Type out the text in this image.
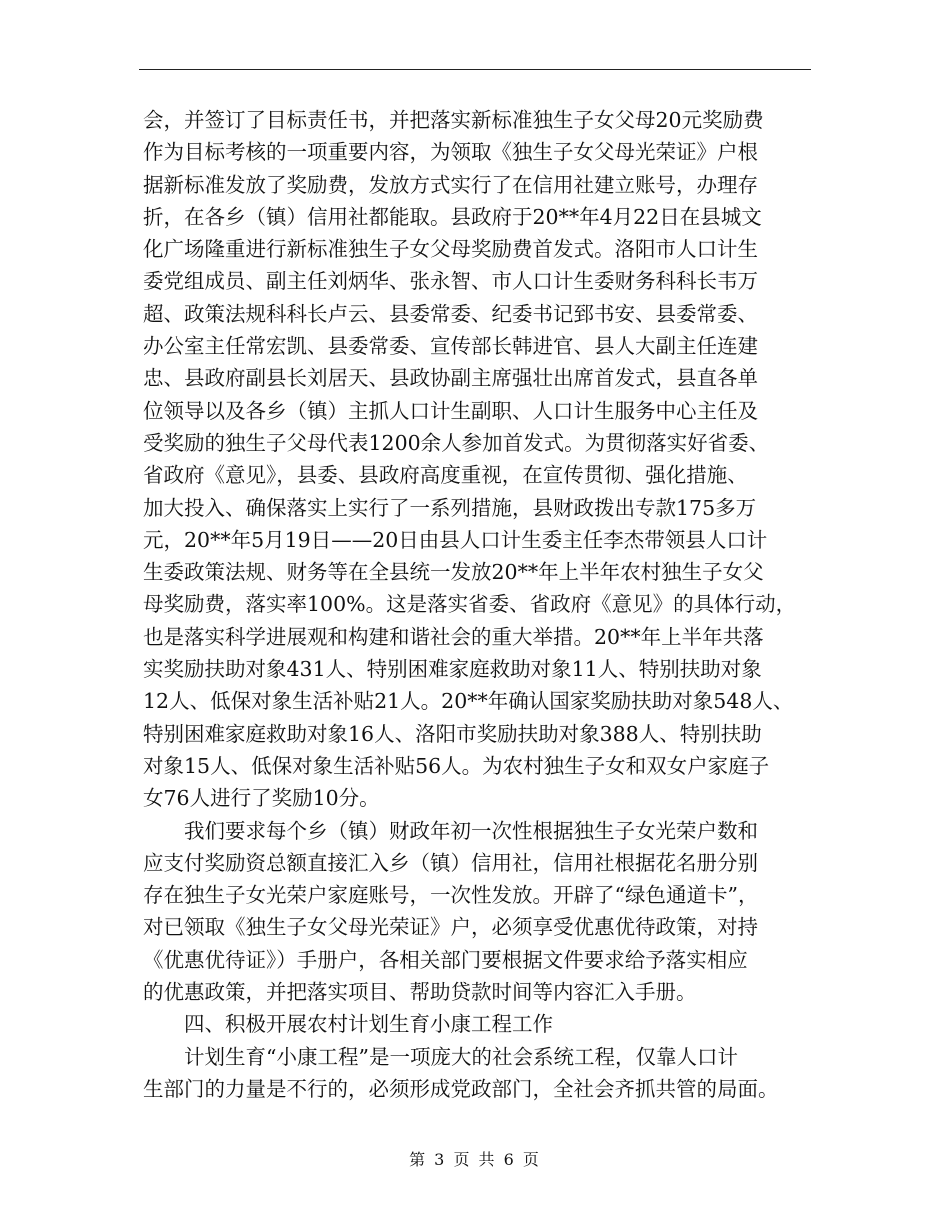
会，并签订了目标责任书，并把落实新标准独生子女父母20元奖励费
作为目标考核的一项重要内容，为领取《独生子女父母光荣证》户根
据新标准发放了奖励费，发放方式实行了在信用社建立账号，办理存
折，在各乡（镇）信用社都能取。县政府于20**年4月22日在县城文
化广场隆重进行新标准独生子女父母奖励费首发式。洛阳市人口计生
委党组成员、副主任刘炳华、张永智、市人口计生委财务科科长韦万
超、政策法规科科长卢云、县委常委、纪委书记郅书安、县委常委、
办公室主任常宏凯、县委常委、宣传部长韩进官、县人大副主任连建
忠、县政府副县长刘居天、县政协副主席强壮出席首发式，县直各单
位领导以及各乡（镇）主抓人口计生副职、人口计生服务中心主任及
受奖励的独生子父母代表1200余人参加首发式。为贯彻落实好省委、
省政府《意见》，县委、县政府高度重视，在宣传贯彻、强化措施、
加大投入、确保落实上实行了一系列措施，县财政拨出专款175多万
元，20**年5月19日——20日由县人口计生委主任李杰带领县人口计
生委政策法规、财务等在全县统一发放20**年上半年农村独生子女父
母奖励费，落实率100%。这是落实省委、省政府《意见》的具体行动，
也是落实科学进展观和构建和谐社会的重大举措。20**年上半年共落
实奖励扶助对象431人、特别困难家庭救助对象11人、特别扶助对象
12人、低保对象生活补贴21人。20**年确认国家奖励扶助对象548人、
特别困难家庭救助对象16人、洛阳市奖励扶助对象388人、特别扶助
对象15人、低保对象生活补贴56人。为农村独生子女和双女户家庭子
女76人进行了奖励10分。
　　我们要求每个乡（镇）财政年初一次性根据独生子女光荣户数和
应支付奖励资总额直接汇入乡（镇）信用社，信用社根据花名册分别
存在独生子女光荣户家庭账号，一次性发放。开辟了“绿色通道卡”，
对已领取《独生子女父母光荣证》户，必须享受优惠优待政策，对持
《优惠优待证》）手册户，各相关部门要根据文件要求给予落实相应
的优惠政策，并把落实项目、帮助贷款时间等内容汇入手册。
　　四、积极开展农村计划生育小康工程工作
　　计划生育“小康工程”是一项庞大的社会系统工程，仅靠人口计
生部门的力量是不行的，必须形成党政部门，全社会齐抓共管的局面。
第 3 页 共 6 页
